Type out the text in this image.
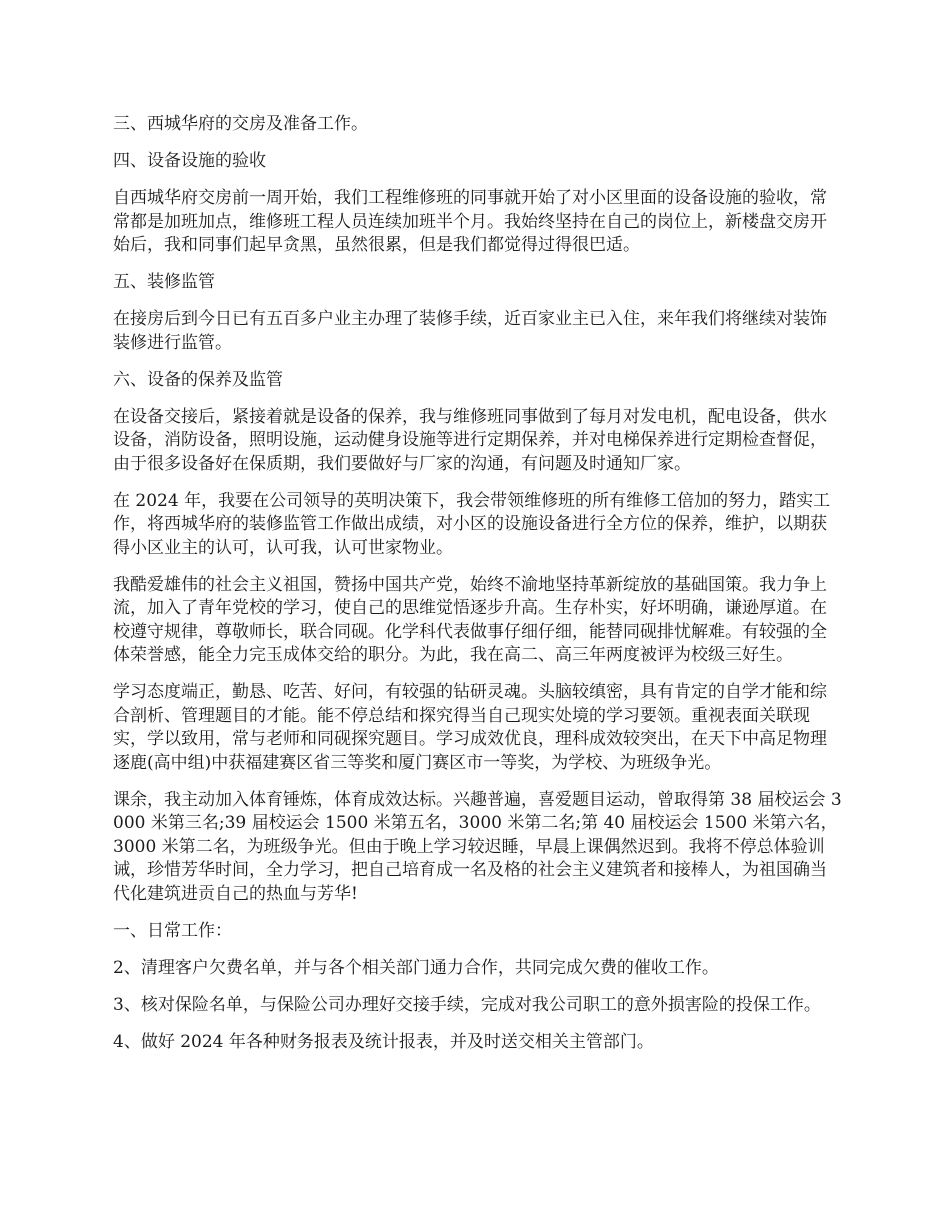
三、西城华府的交房及准备工作。

四、设备设施的验收

自西城华府交房前一周开始，我们工程维修班的同事就开始了对小区里面的设备设施的验收，常常都是加班加点，维修班工程人员连续加班半个月。我始终坚持在自己的岗位上，新楼盘交房开始后，我和同事们起早贪黑，虽然很累，但是我们都觉得过得很巴适。

五、装修监管

在接房后到今日已有五百多户业主办理了装修手续，近百家业主已入住，来年我们将继续对装饰装修进行监管。

六、设备的保养及监管

在设备交接后，紧接着就是设备的保养，我与维修班同事做到了每月对发电机，配电设备，供水设备，消防设备，照明设施，运动健身设施等进行定期保养，并对电梯保养进行定期检查督促，由于很多设备好在保质期，我们要做好与厂家的沟通，有问题及时通知厂家。

在 2024 年，我要在公司领导的英明决策下，我会带领维修班的所有维修工倍加的努力，踏实工作，将西城华府的装修监管工作做出成绩，对小区的设施设备进行全方位的保养，维护，以期获得小区业主的认可，认可我，认可世家物业。

我酷爱雄伟的社会主义祖国，赞扬中国共产党，始终不渝地坚持革新绽放的基础国策。我力争上流，加入了青年党校的学习，使自己的思维觉悟逐步升高。生存朴实，好坏明确，谦逊厚道。在校遵守规律，尊敬师长，联合同砚。化学科代表做事仔细仔细，能替同砚排忧解难。有较强的全体荣誉感，能全力完玉成体交给的职分。为此，我在高二、高三年两度被评为校级三好生。

学习态度端正，勤恳、吃苦、好问，有较强的钻研灵魂。头脑较缜密，具有肯定的自学才能和综合剖析、管理题目的才能。能不停总结和探究得当自己现实处境的学习要领。重视表面关联现实，学以致用，常与老师和同砚探究题目。学习成效优良，理科成效较突出，在天下中高足物理逐鹿(高中组)中获福建赛区省三等奖和厦门赛区市一等奖，为学校、为班级争光。

课余，我主动加入体育锤炼，体育成效达标。兴趣普遍，喜爱题目运动，曾取得第 38 届校运会 3000 米第三名;39 届校运会 1500 米第五名，3000 米第二名;第 40 届校运会 1500 米第六名，3000 米第二名，为班级争光。但由于晚上学习较迟睡，早晨上课偶然迟到。我将不停总体验训诫，珍惜芳华时间，全力学习，把自己培育成一名及格的社会主义建筑者和接棒人，为祖国确当代化建筑进贡自己的热血与芳华!

一、日常工作：

2、清理客户欠费名单，并与各个相关部门通力合作，共同完成欠费的催收工作。

3、核对保险名单，与保险公司办理好交接手续，完成对我公司职工的意外损害险的投保工作。

4、做好 2024 年各种财务报表及统计报表，并及时送交相关主管部门。
